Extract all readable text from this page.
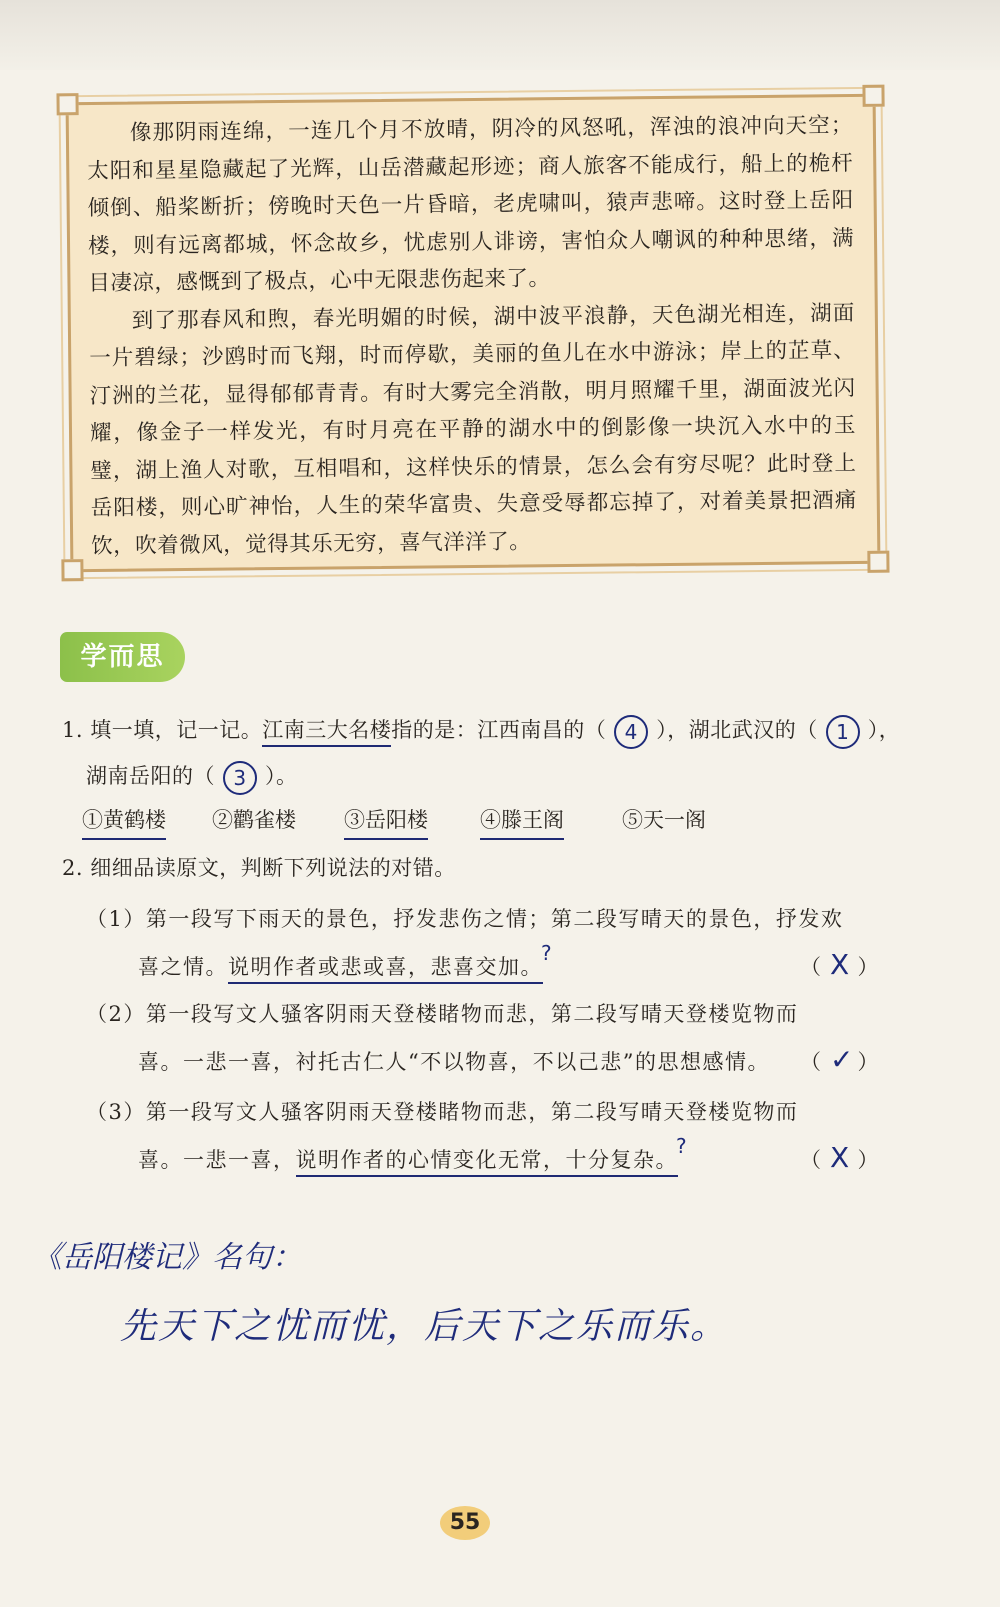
像那阴雨连绵，一连几个月不放晴，阴冷的风怒吼，浑浊的浪冲向天空；太阳和星星隐藏起了光辉，山岳潜藏起形迹；商人旅客不能成行，船上的桅杆倾倒、船桨断折；傍晚时天色一片昏暗，老虎啸叫，猿声悲啼。这时登上岳阳楼，则有远离都城，怀念故乡，忧虑别人诽谤，害怕众人嘲讽的种种思绪，满目凄凉，感慨到了极点，心中无限悲伤起来了。

到了那春风和煦，春光明媚的时候，湖中波平浪静，天色湖光相连，湖面一片碧绿；沙鸥时而飞翔，时而停歇，美丽的鱼儿在水中游泳；岸上的芷草、汀洲的兰花，显得郁郁青青。有时大雾完全消散，明月照耀千里，湖面波光闪耀，像金子一样发光，有时月亮在平静的湖水中的倒影像一块沉入水中的玉璧，湖上渔人对歌，互相唱和，这样快乐的情景，怎么会有穷尽呢？此时登上岳阳楼，则心旷神怡，人生的荣华富贵、失意受辱都忘掉了，对着美景把酒痛饮，吹着微风，觉得其乐无穷，喜气洋洋了。

学而思
1. 填一填，记一记。江南三大名楼指的是：江西南昌的（ 4 ），湖北武汉的（ 1 ），
湖南岳阳的（ 3 ）。
①黄鹤楼 ②鹳雀楼 ③岳阳楼 ④滕王阁	⑤天一阁
2. 细细品读原文，判断下列说法的对错。
（1）第一段写下雨天的景色，抒发悲伤之情；第二段写晴天的景色，抒发欢
喜之情。说明作者或悲或喜，悲喜交加。?
（ X ）
（2）第一段写文人骚客阴雨天登楼睹物而悲，第二段写晴天登楼览物而
喜。一悲一喜，衬托古仁人“不以物喜，不以己悲”的思想感情。 （ ✓ ）
（3）第一段写文人骚客阴雨天登楼睹物而悲，第二段写晴天登楼览物而
喜。一悲一喜，说明作者的心情变化无常，十分复杂。?
（ X ）
《岳阳楼记》名句：
先天下之忧而忧，后天下之乐而乐。
55
